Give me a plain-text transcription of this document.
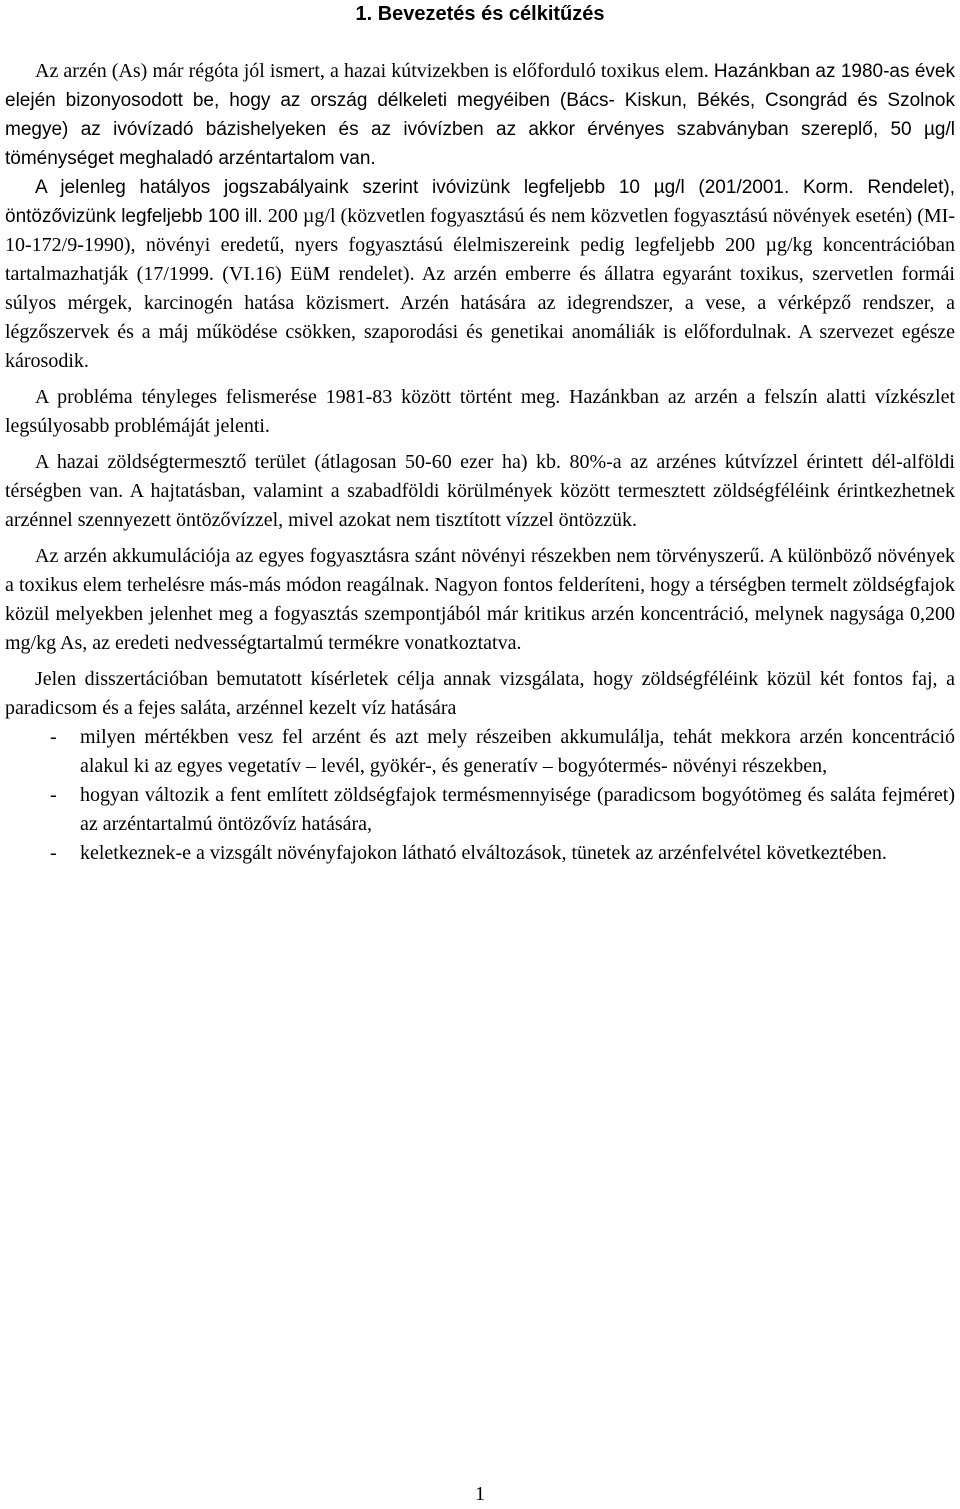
1. Bevezetés és célkitűzés

Az arzén (As) már régóta jól ismert, a hazai kútvizekben is előforduló toxikus elem. Hazánkban az 1980-as évek elején bizonyosodott be, hogy az ország délkeleti megyéiben (Bács- Kiskun, Békés, Csongrád és Szolnok megye) az ivóvízadó bázishelyeken és az ivóvízben az akkor érvényes szabványban szereplő, 50 µg/l töménységet meghaladó arzéntartalom van.

A jelenleg hatályos jogszabályaink szerint ivóvizünk legfeljebb 10 µg/l (201/2001. Korm. Rendelet), öntözővizünk legfeljebb 100 ill. 200 µg/l (közvetlen fogyasztású és nem közvetlen fogyasztású növények esetén) (MI-10-172/9-1990), növényi eredetű, nyers fogyasztású élelmiszereink pedig legfeljebb 200 µg/kg koncentrációban tartalmazhatják (17/1999. (VI.16) EüM rendelet). Az arzén emberre és állatra egyaránt toxikus, szervetlen formái súlyos mérgek, karcinogén hatása közismert. Arzén hatására az idegrendszer, a vese, a vérképző rendszer, a légzőszervek és a máj működése csökken, szaporodási és genetikai anomáliák is előfordulnak. A szervezet egésze károsodik.

A probléma tényleges felismerése 1981-83 között történt meg. Hazánkban az arzén a felszín alatti vízkészlet legsúlyosabb problémáját jelenti.

A hazai zöldségtermesztő terület (átlagosan 50-60 ezer ha) kb. 80%-a az arzénes kútvízzel érintett dél-alföldi térségben van. A hajtatásban, valamint a szabadföldi körülmények között termesztett zöldségféléink érintkezhetnek arzénnel szennyezett öntözővízzel, mivel azokat nem tisztított vízzel öntözzük.

Az arzén akkumulációja az egyes fogyasztásra szánt növényi részekben nem törvényszerű. A különböző növények a toxikus elem terhelésre más-más módon reagálnak. Nagyon fontos felderíteni, hogy a térségben termelt zöldségfajok közül melyekben jelenhet meg a fogyasztás szempontjából már kritikus arzén koncentráció, melynek nagysága 0,200 mg/kg As, az eredeti nedvességtartalmú termékre vonatkoztatva.

Jelen disszertációban bemutatott kísérletek célja annak vizsgálata, hogy zöldségféléink közül két fontos faj, a paradicsom és a fejes saláta, arzénnel kezelt víz hatására

- milyen mértékben vesz fel arzént és azt mely részeiben akkumulálja, tehát mekkora arzén koncentráció alakul ki az egyes vegetatív – levél, gyökér-, és generatív – bogyótermés- növényi részekben,
- hogyan változik a fent említett zöldségfajok termésmennyisége (paradicsom bogyótömeg és saláta fejméret) az arzéntartalmú öntözővíz hatására,
- keletkeznek-e a vizsgált növényfajokon látható elváltozások, tünetek az arzénfelvétel következtében.
1
